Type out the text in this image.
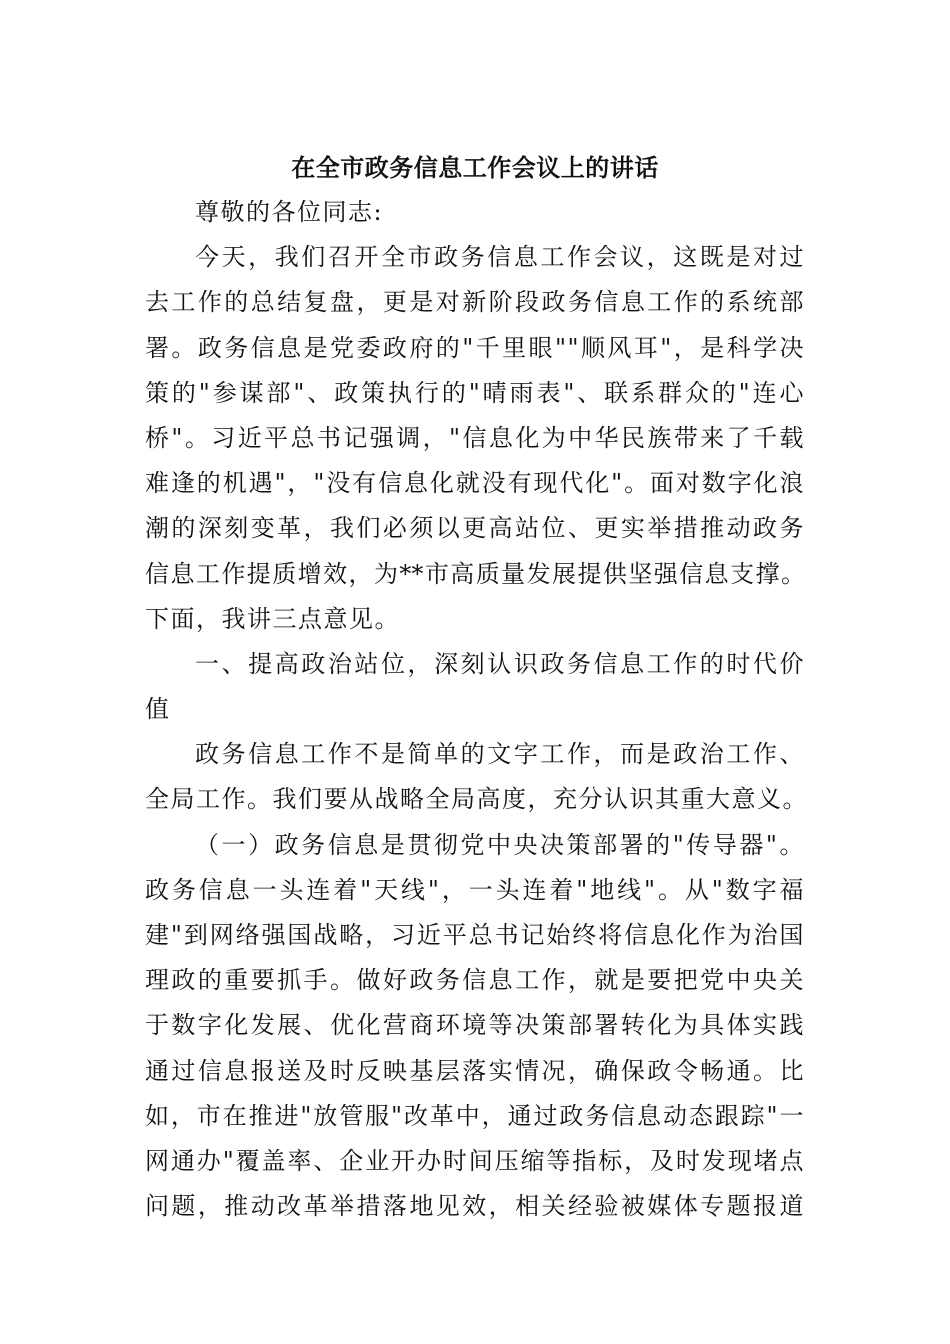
在全市政务信息工作会议上的讲话
尊敬的各位同志:
今天，我们召开全市政务信息工作会议，这既是对过
去工作的总结复盘，更是对新阶段政务信息工作的系统部
署。政务信息是党委政府的"千里眼""顺风耳"，是科学决
策的"参谋部"、政策执行的"晴雨表"、联系群众的"连心
桥"。习近平总书记强调，"信息化为中华民族带来了千载
难逢的机遇"，"没有信息化就没有现代化"。面对数字化浪
潮的深刻变革，我们必须以更高站位、更实举措推动政务
信息工作提质增效，为**市高质量发展提供坚强信息支撑。
下面，我讲三点意见。
一、提高政治站位，深刻认识政务信息工作的时代价
值
政务信息工作不是简单的文字工作，而是政治工作、
全局工作。我们要从战略全局高度，充分认识其重大意义。
（一）政务信息是贯彻党中央决策部署的"传导器"。
政务信息一头连着"天线"，一头连着"地线"。从"数字福
建"到网络强国战略，习近平总书记始终将信息化作为治国
理政的重要抓手。做好政务信息工作，就是要把党中央关
于数字化发展、优化营商环境等决策部署转化为具体实践
通过信息报送及时反映基层落实情况，确保政令畅通。比
如，市在推进"放管服"改革中，通过政务信息动态跟踪"一
网通办"覆盖率、企业开办时间压缩等指标，及时发现堵点
问题，推动改革举措落地见效，相关经验被媒体专题报道
